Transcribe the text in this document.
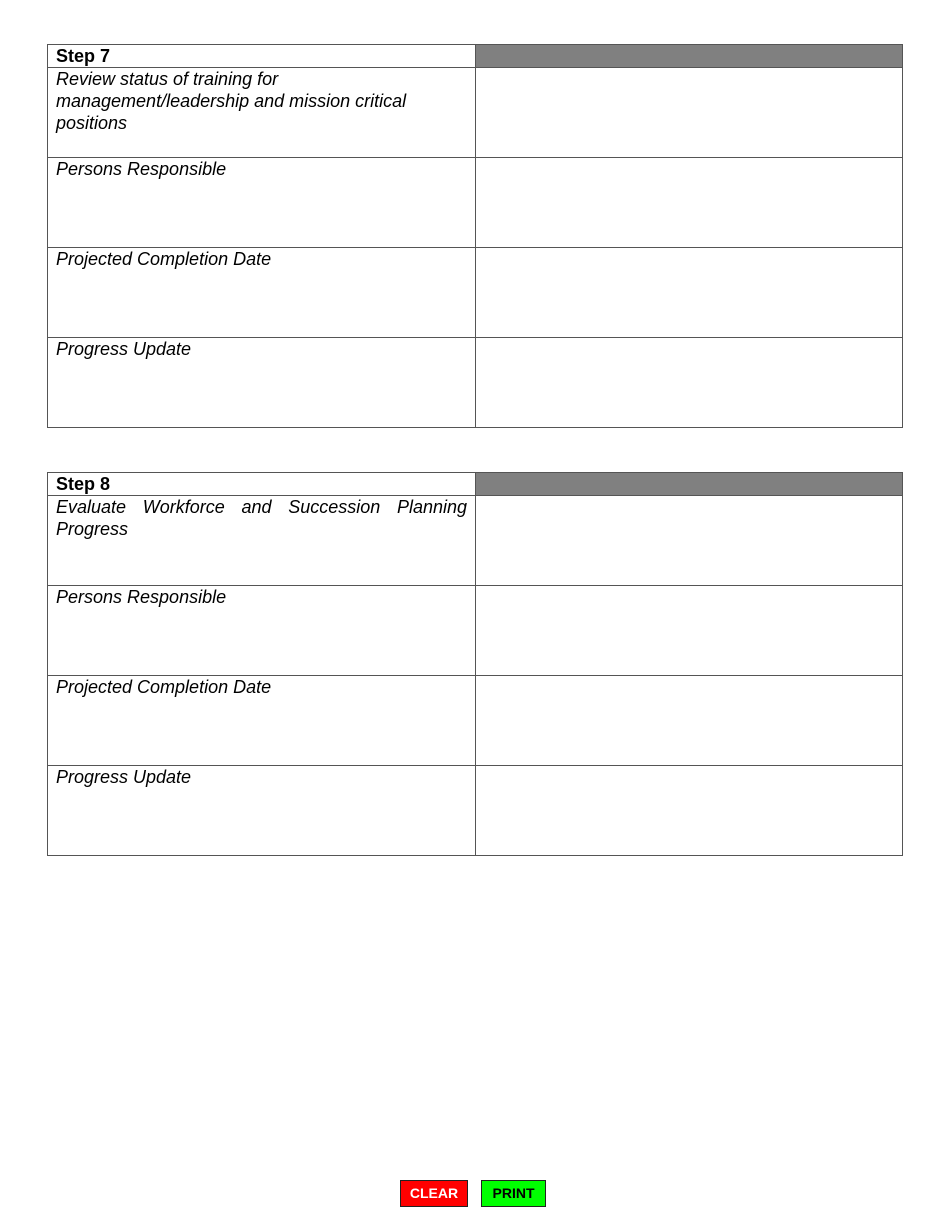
Step 7	
Review status of training for management/leadership and mission critical positions	
Persons Responsible	
Projected Completion Date	
Progress Update	
Step 8	
Evaluate Workforce and Succession Planning Progress	
Persons Responsible	
Projected Completion Date	
Progress Update	
CLEAR	PRINT
